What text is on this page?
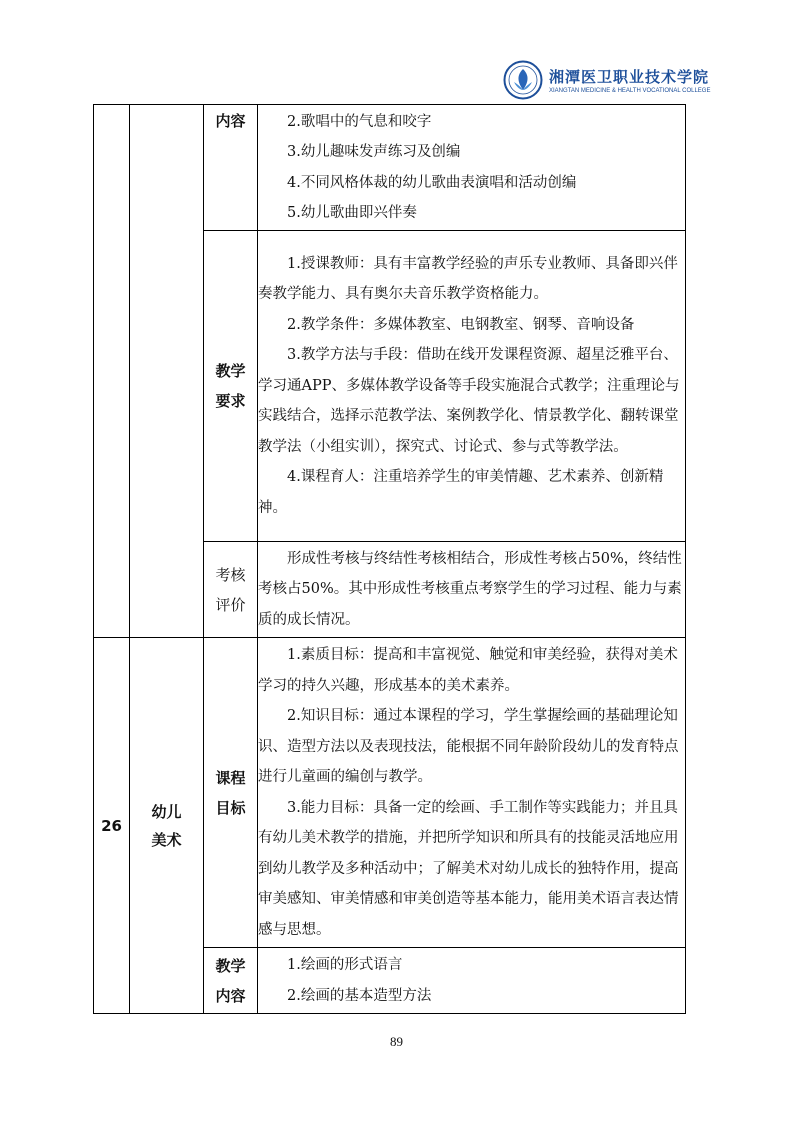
湘潭医卫职业技术学院
XIANGTAN MEDICINE & HEALTH VOCATIONAL COLLEGE
		内容	2.歌唱中的气息和咬字

3.幼儿趣味发声练习及创编

4.不同风格体裁的幼儿歌曲表演唱和活动创编

5.幼儿歌曲即兴伴奏

		教学要求	1.授课教师：具有丰富教学经验的声乐专业教师、具备即兴伴奏教学能力、具有奥尔夫音乐教学资格能力。

2.教学条件：多媒体教室、电钢教室、钢琴、音响设备

3.教学方法与手段：借助在线开发课程资源、超星泛雅平台、学习通APP、多媒体教学设备等手段实施混合式教学；注重理论与实践结合，选择示范教学法、案例教学化、情景教学化、翻转课堂教学法（小组实训），探究式、讨论式、参与式等教学法。

4.课程育人：注重培养学生的审美情趣、艺术素养、创新精神。

		考核评价	形成性考核与终结性考核相结合，形成性考核占50%，终结性考核占50%。其中形成性考核重点考察学生的学习过程、能力与素质的成长情况。

26	幼儿美术	课程目标	1.素质目标：提高和丰富视觉、触觉和审美经验，获得对美术学习的持久兴趣，形成基本的美术素养。

2.知识目标：通过本课程的学习，学生掌握绘画的基础理论知识、造型方法以及表现技法，能根据不同年龄阶段幼儿的发育特点进行儿童画的编创与教学。

3.能力目标：具备一定的绘画、手工制作等实践能力；并且具有幼儿美术教学的措施，并把所学知识和所具有的技能灵活地应用到幼儿教学及多种活动中；了解美术对幼儿成长的独特作用，提高审美感知、审美情感和审美创造等基本能力，能用美术语言表达情感与思想。

		教学内容	1.绘画的形式语言

2.绘画的基本造型方法

89
